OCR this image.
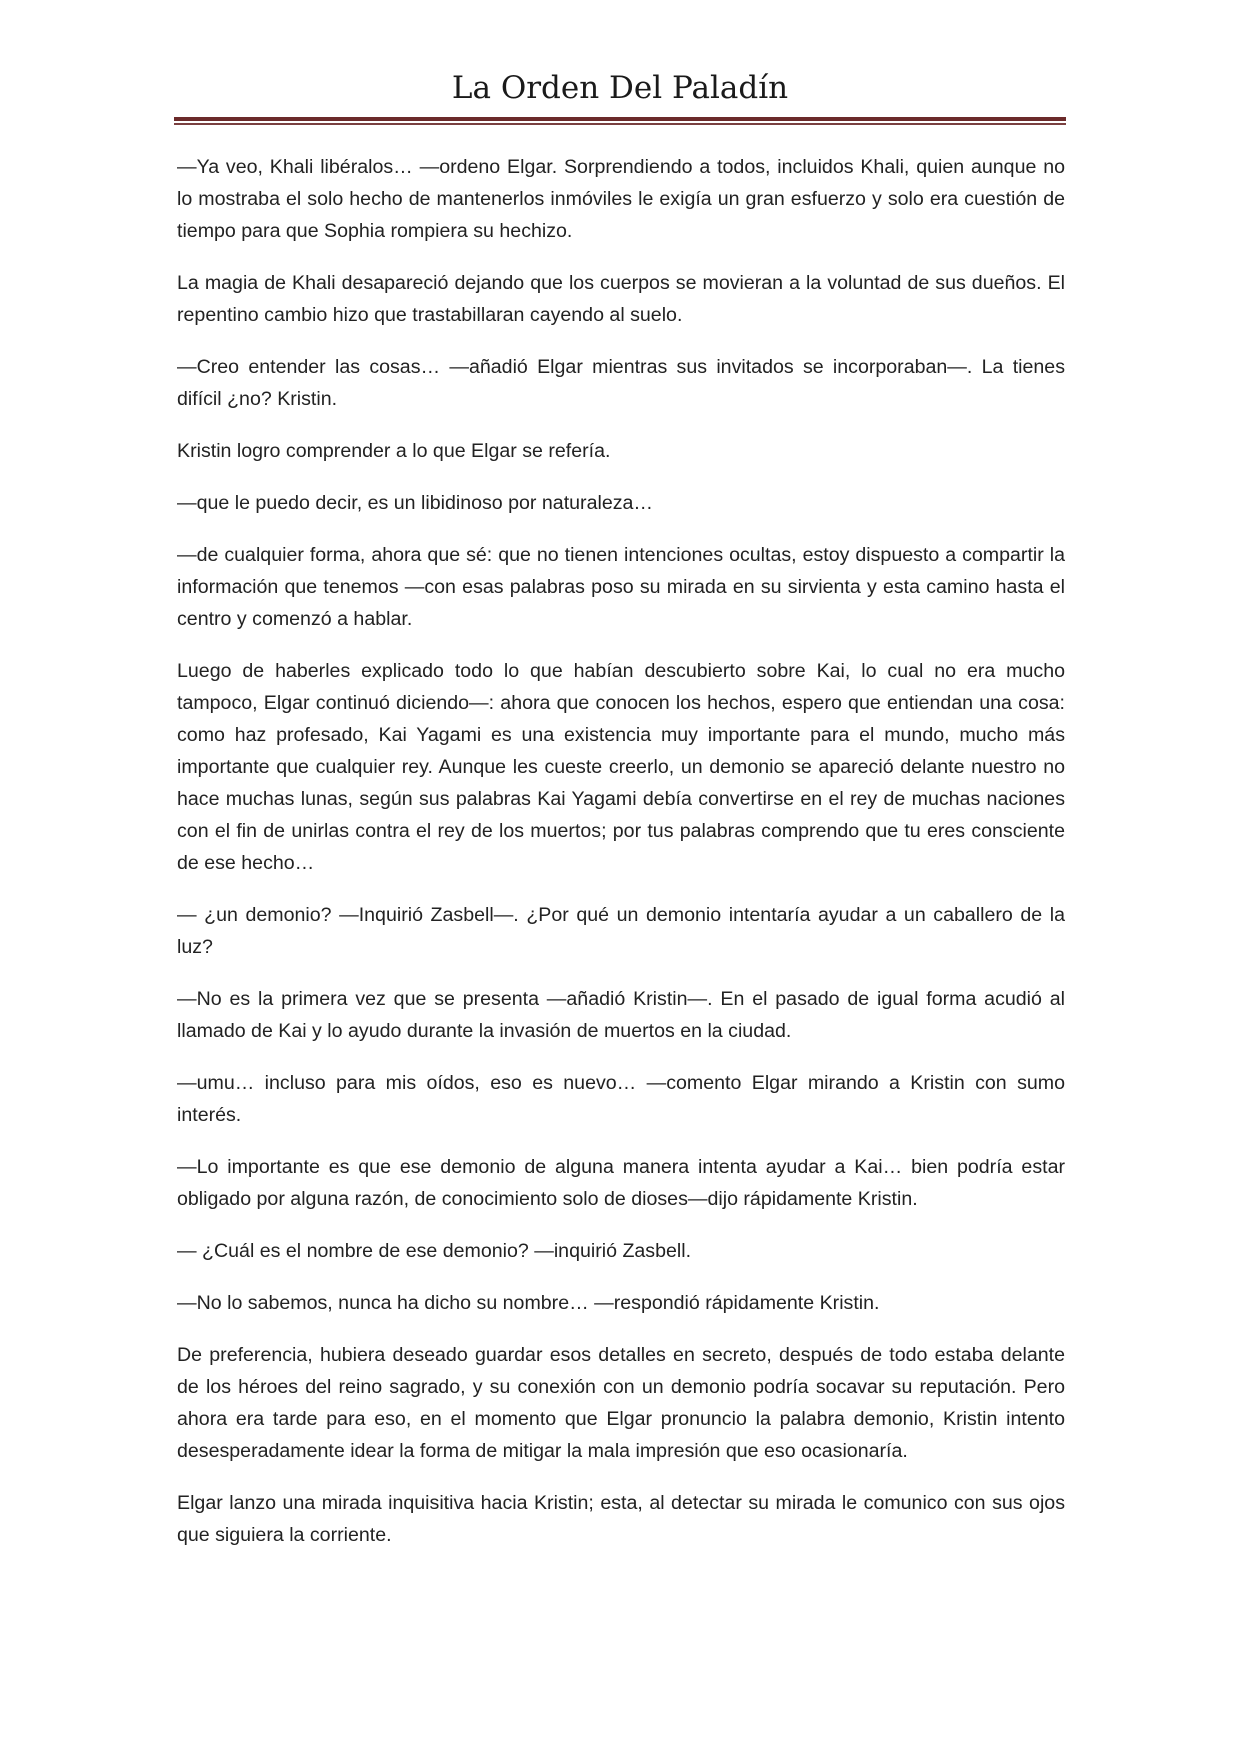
La Orden Del Paladín

—Ya veo, Khali libéralos… —ordeno Elgar. Sorprendiendo a todos, incluidos Khali, quien aunque no lo mostraba el solo hecho de mantenerlos inmóviles le exigía un gran esfuerzo y solo era cuestión de tiempo para que Sophia rompiera su hechizo.

La magia de Khali desapareció dejando que los cuerpos se movieran a la voluntad de sus dueños. El repentino cambio hizo que trastabillaran cayendo al suelo.

—Creo entender las cosas… —añadió Elgar mientras sus invitados se incorporaban—. La tienes difícil ¿no? Kristin.

Kristin logro comprender a lo que Elgar se refería.

—que le puedo decir, es un libidinoso por naturaleza…

—de cualquier forma, ahora que sé: que no tienen intenciones ocultas, estoy dispuesto a compartir la información que tenemos —con esas palabras poso su mirada en su sirvienta y esta camino hasta el centro y comenzó a hablar.

Luego de haberles explicado todo lo que habían descubierto sobre Kai, lo cual no era mucho tampoco, Elgar continuó diciendo—: ahora que conocen los hechos, espero que entiendan una cosa: como haz profesado, Kai Yagami es una existencia muy importante para el mundo, mucho más importante que cualquier rey. Aunque les cueste creerlo, un demonio se apareció delante nuestro no hace muchas lunas, según sus palabras Kai Yagami debía convertirse en el rey de muchas naciones con el fin de unirlas contra el rey de los muertos; por tus palabras comprendo que tu eres consciente de ese hecho…

— ¿un demonio? —Inquirió Zasbell—. ¿Por qué un demonio intentaría ayudar a un caballero de la luz?

—No es la primera vez que se presenta —añadió Kristin—. En el pasado de igual forma acudió al llamado de Kai y lo ayudo durante la invasión de muertos en la ciudad.

—umu… incluso para mis oídos, eso es nuevo… —comento Elgar mirando a Kristin con sumo interés.

—Lo importante es que ese demonio de alguna manera intenta ayudar a Kai… bien podría estar obligado por alguna razón, de conocimiento solo de dioses—dijo rápidamente Kristin.

— ¿Cuál es el nombre de ese demonio? —inquirió Zasbell.

—No lo sabemos, nunca ha dicho su nombre… —respondió rápidamente Kristin.

De preferencia, hubiera deseado guardar esos detalles en secreto, después de todo estaba delante de los héroes del reino sagrado, y su conexión con un demonio podría socavar su reputación. Pero ahora era tarde para eso, en el momento que Elgar pronuncio la palabra demonio, Kristin intento desesperadamente idear la forma de mitigar la mala impresión que eso ocasionaría.

Elgar lanzo una mirada inquisitiva hacia Kristin; esta, al detectar su mirada le comunico con sus ojos que siguiera la corriente.
